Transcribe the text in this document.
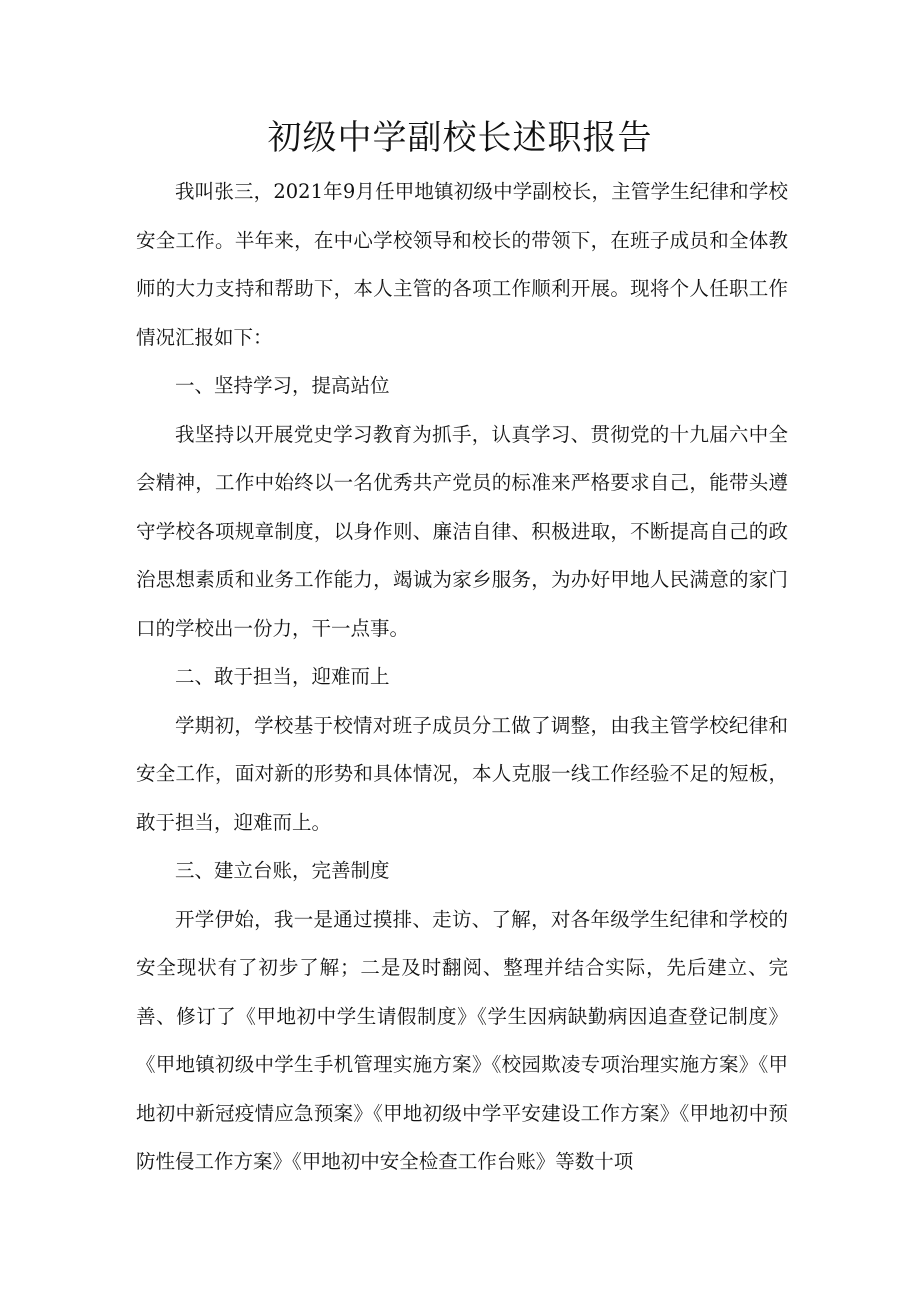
初级中学副校长述职报告

我叫张三，2021年9月任甲地镇初级中学副校长，主管学生纪律和学校安全工作。半年来，在中心学校领导和校长的带领下，在班子成员和全体教师的大力支持和帮助下，本人主管的各项工作顺利开展。现将个人任职工作情况汇报如下：

一、坚持学习，提高站位

我坚持以开展党史学习教育为抓手，认真学习、贯彻党的十九届六中全会精神，工作中始终以一名优秀共产党员的标准来严格要求自己，能带头遵守学校各项规章制度，以身作则、廉洁自律、积极进取，不断提高自己的政治思想素质和业务工作能力，竭诚为家乡服务，为办好甲地人民满意的家门口的学校出一份力，干一点事。

二、敢于担当，迎难而上

学期初，学校基于校情对班子成员分工做了调整，由我主管学校纪律和安全工作，面对新的形势和具体情况，本人克服一线工作经验不足的短板，敢于担当，迎难而上。

三、建立台账，完善制度

开学伊始，我一是通过摸排、走访、了解，对各年级学生纪律和学校的安全现状有了初步了解；二是及时翻阅、整理并结合实际，先后建立、完善、修订了《甲地初中学生请假制度》《学生因病缺勤病因追查登记制度》《甲地镇初级中学生手机管理实施方案》《校园欺凌专项治理实施方案》《甲地初中新冠疫情应急预案》《甲地初级中学平安建设工作方案》《甲地初中预防性侵工作方案》《甲地初中安全检查工作台账》等数十项
